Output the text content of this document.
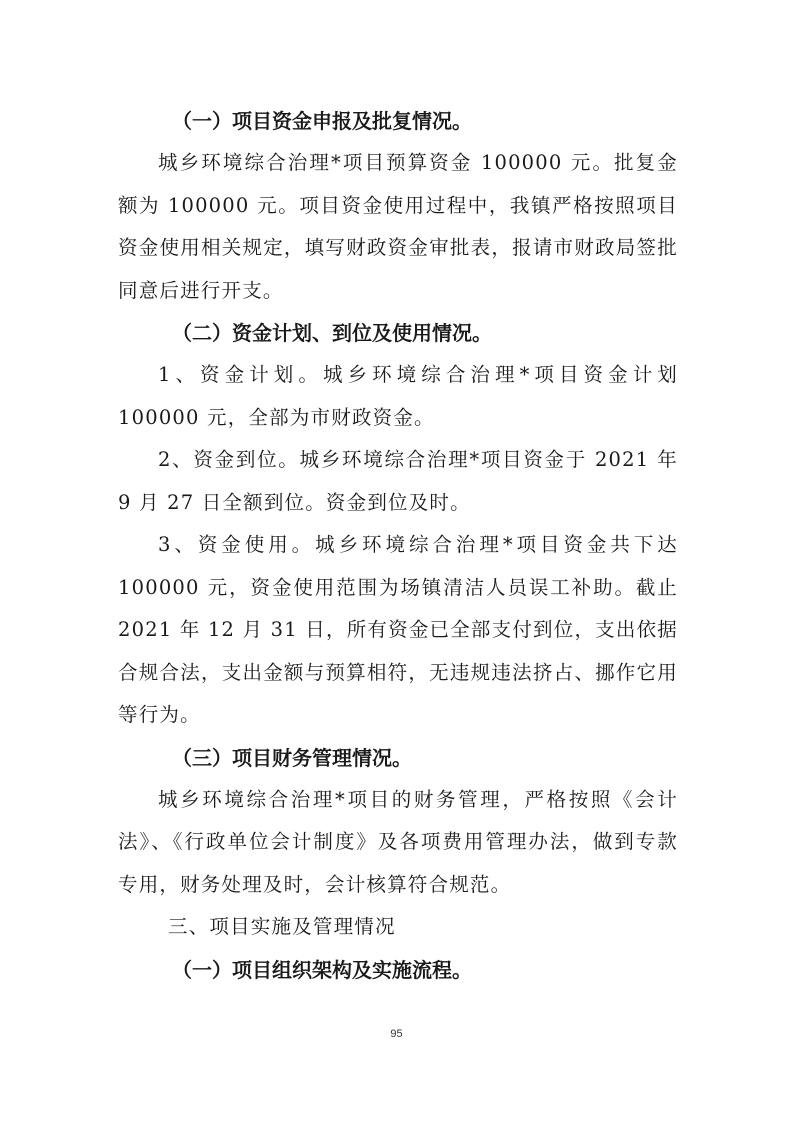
（一）项目资金申报及批复情况。

城乡环境综合治理*项目预算资金 100000 元。批复金额为 100000 元。项目资金使用过程中，我镇严格按照项目资金使用相关规定，填写财政资金审批表，报请市财政局签批同意后进行开支。

（二）资金计划、到位及使用情况。

1、资金计划。城乡环境综合治理*项目资金计划 100000 元，全部为市财政资金。

2、资金到位。城乡环境综合治理*项目资金于 2021 年 9 月 27 日全额到位。资金到位及时。

3、资金使用。城乡环境综合治理*项目资金共下达 100000 元，资金使用范围为场镇清洁人员误工补助。截止 2021 年 12 月 31 日，所有资金已全部支付到位，支出依据合规合法，支出金额与预算相符，无违规违法挤占、挪作它用等行为。

（三）项目财务管理情况。

城乡环境综合治理*项目的财务管理，严格按照《会计法》、《行政单位会计制度》及各项费用管理办法，做到专款专用，财务处理及时，会计核算符合规范。

三、项目实施及管理情况

（一）项目组织架构及实施流程。

95
